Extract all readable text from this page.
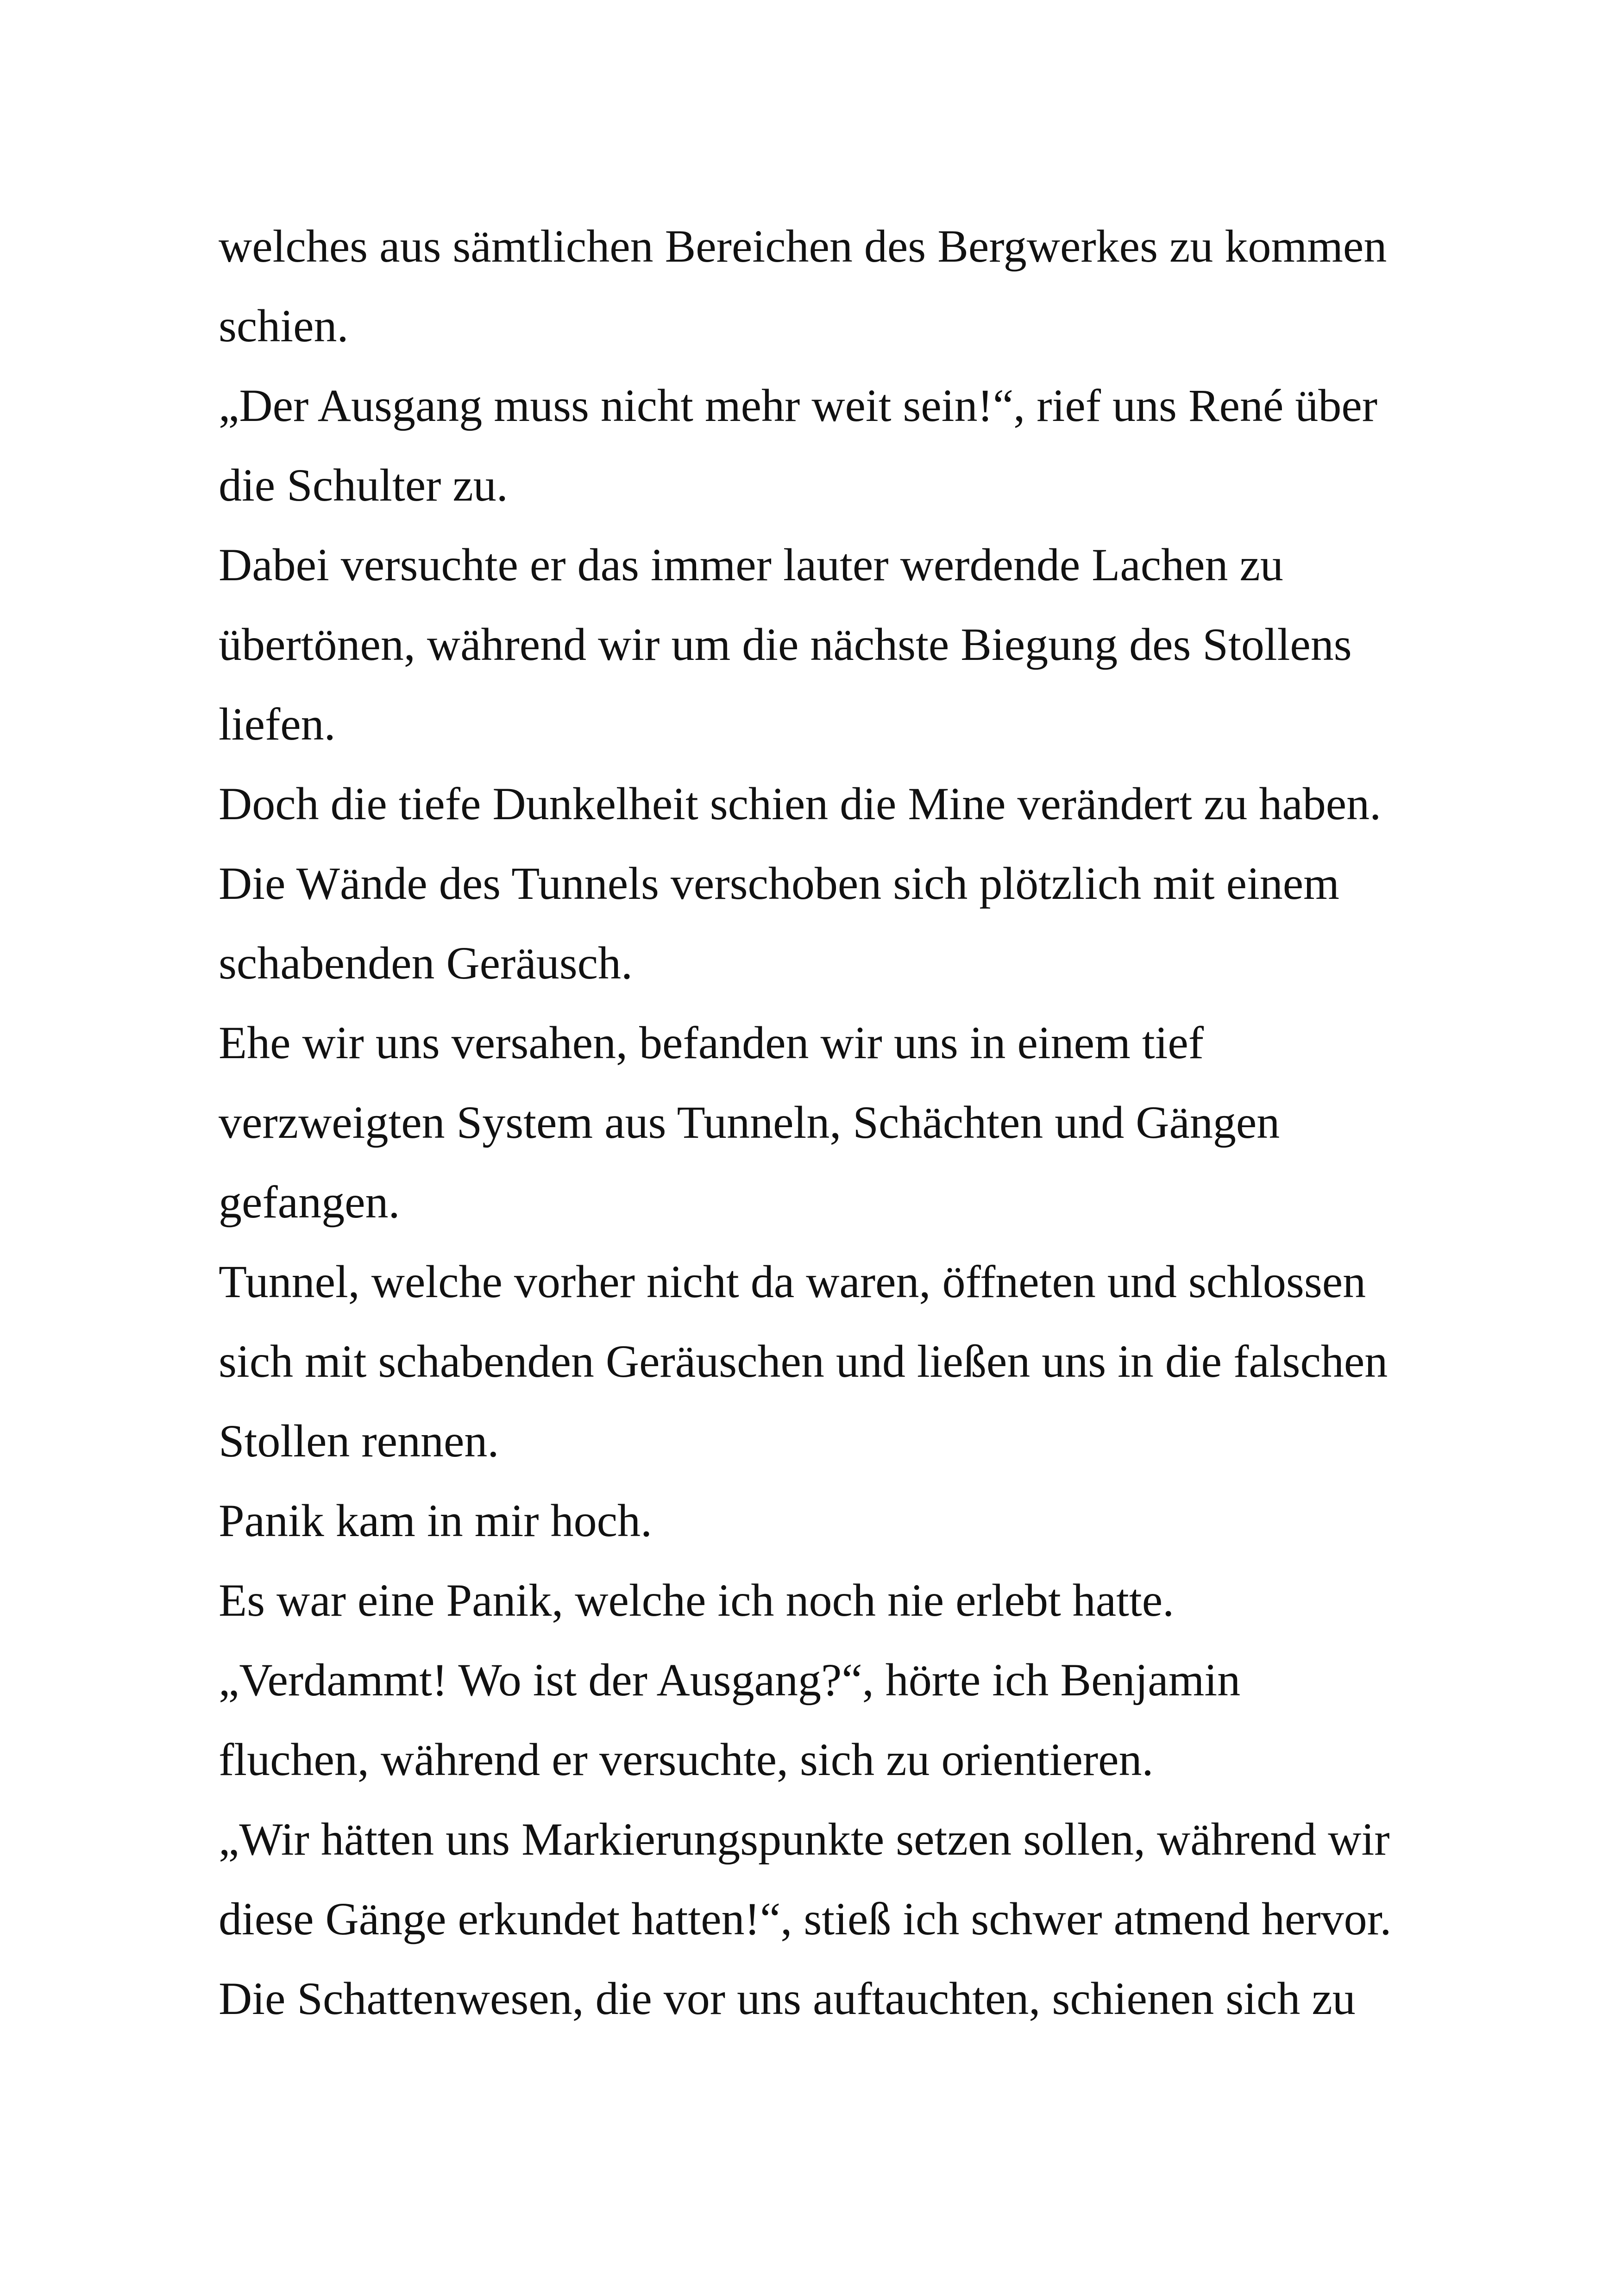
welches aus sämtlichen Bereichen des Bergwerkes zu kommen
schien.
„Der Ausgang muss nicht mehr weit sein!“, rief uns René über
die Schulter zu.
Dabei versuchte er das immer lauter werdende Lachen zu
übertönen, während wir um die nächste Biegung des Stollens
liefen.
Doch die tiefe Dunkelheit schien die Mine verändert zu haben.
Die Wände des Tunnels verschoben sich plötzlich mit einem
schabenden Geräusch.
Ehe wir uns versahen, befanden wir uns in einem tief
verzweigten System aus Tunneln, Schächten und Gängen
gefangen.
Tunnel, welche vorher nicht da waren, öffneten und schlossen
sich mit schabenden Geräuschen und ließen uns in die falschen
Stollen rennen.
Panik kam in mir hoch.
Es war eine Panik, welche ich noch nie erlebt hatte.
„Verdammt! Wo ist der Ausgang?“, hörte ich Benjamin
fluchen, während er versuchte, sich zu orientieren.
„Wir hätten uns Markierungspunkte setzen sollen, während wir
diese Gänge erkundet hatten!“, stieß ich schwer atmend hervor.
Die Schattenwesen, die vor uns auftauchten, schienen sich zu
